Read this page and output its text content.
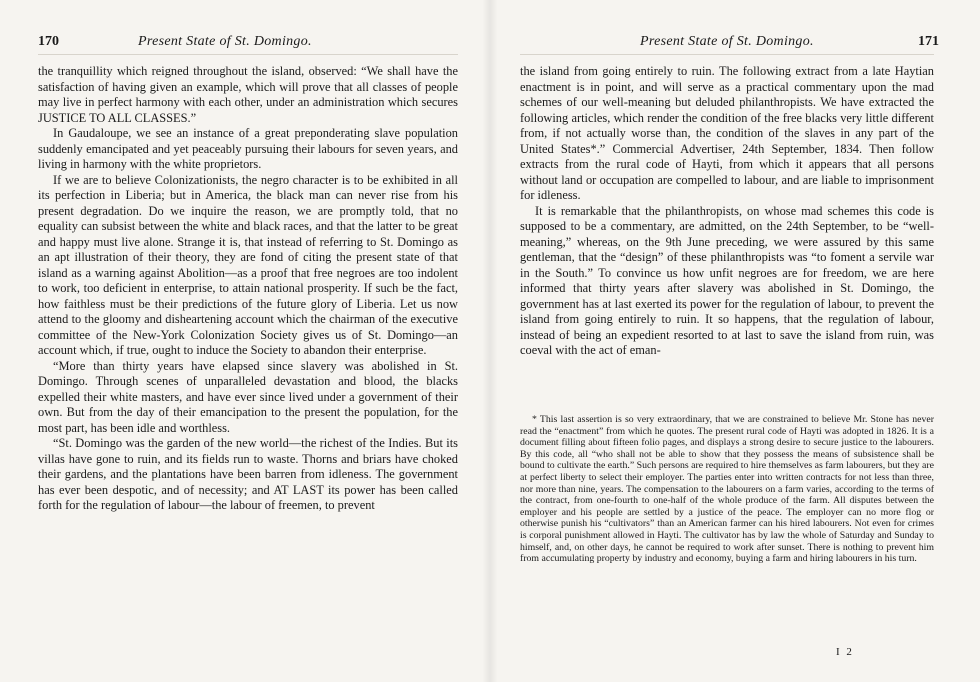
170	Present State of St. Domingo.

the tranquillity which reigned throughout the island, observed: “We shall have the satisfaction of having given an example, which will prove that all classes of people may live in perfect harmony with each other, under an administration which secures JUSTICE TO ALL CLASSES.”

In Gaudaloupe, we see an instance of a great preponderating slave population suddenly emancipated and yet peaceably pursuing their labours for seven years, and living in harmony with the white proprietors.

If we are to believe Colonizationists, the negro character is to be exhibited in all its perfection in Liberia; but in America, the black man can never rise from his present degradation. Do we inquire the reason, we are promptly told, that no equality can subsist between the white and black races, and that the latter to be great and happy must live alone. Strange it is, that instead of referring to St. Domingo as an apt illustration of their theory, they are fond of citing the present state of that island as a warning against Abolition—as a proof that free negroes are too indolent to work, too deficient in enterprise, to attain national prosperity. If such be the fact, how faithless must be their predictions of the future glory of Liberia. Let us now attend to the gloomy and disheartening account which the chairman of the executive committee of the New-York Colonization Society gives us of St. Domingo—an account which, if true, ought to induce the Society to abandon their enterprise.

“More than thirty years have elapsed since slavery was abolished in St. Domingo. Through scenes of unparalleled devastation and blood, the blacks expelled their white masters, and have ever since lived under a government of their own. But from the day of their emancipation to the present the population, for the most part, has been idle and worthless.

“St. Domingo was the garden of the new world—the richest of the Indies. But its villas have gone to ruin, and its fields run to waste. Thorns and briars have choked their gardens, and the plantations have been barren from idleness. The government has ever been despotic, and of necessity; and AT LAST its power has been called forth for the regulation of labour—the labour of freemen, to prevent

Present State of St. Domingo.	171

the island from going entirely to ruin. The following extract from a late Haytian enactment is in point, and will serve as a practical commentary upon the mad schemes of our well-meaning but deluded philanthropists. We have extracted the following articles, which render the condition of the free blacks very little different from, if not actually worse than, the condition of the slaves in any part of the United States*.” Commercial Advertiser, 24th September, 1834. Then follow extracts from the rural code of Hayti, from which it appears that all persons without land or occupation are compelled to labour, and are liable to imprisonment for idleness.

It is remarkable that the philanthropists, on whose mad schemes this code is supposed to be a commentary, are admitted, on the 24th September, to be “well-meaning,” whereas, on the 9th June preceding, we were assured by this same gentleman, that the “design” of these philanthropists was “to foment a servile war in the South.” To convince us how unfit negroes are for freedom, we are here informed that thirty years after slavery was abolished in St. Domingo, the government has at last exerted its power for the regulation of labour, to prevent the island from going entirely to ruin. It so happens, that the regulation of labour, instead of being an expedient resorted to at last to save the island from ruin, was coeval with the act of eman-

* This last assertion is so very extraordinary, that we are constrained to believe Mr. Stone has never read the “enactment” from which he quotes. The present rural code of Hayti was adopted in 1826. It is a document filling about fifteen folio pages, and displays a strong desire to secure justice to the labourers. By this code, all “who shall not be able to show that they possess the means of subsistence shall be bound to cultivate the earth.” Such persons are required to hire themselves as farm labourers, but they are at perfect liberty to select their employer. The parties enter into written contracts for not less than three, nor more than nine, years. The compensation to the labourers on a farm varies, according to the terms of the contract, from one-fourth to one-half of the whole produce of the farm. All disputes between the employer and his people are settled by a justice of the peace. The employer can no more flog or otherwise punish his “cultivators” than an American farmer can his hired labourers. Not even for crimes is corporal punishment allowed in Hayti. The cultivator has by law the whole of Saturday and Sunday to himself, and, on other days, he cannot be required to work after sunset. There is nothing to prevent him from accumulating property by industry and economy, buying a farm and hiring labourers in his turn.

I 2
